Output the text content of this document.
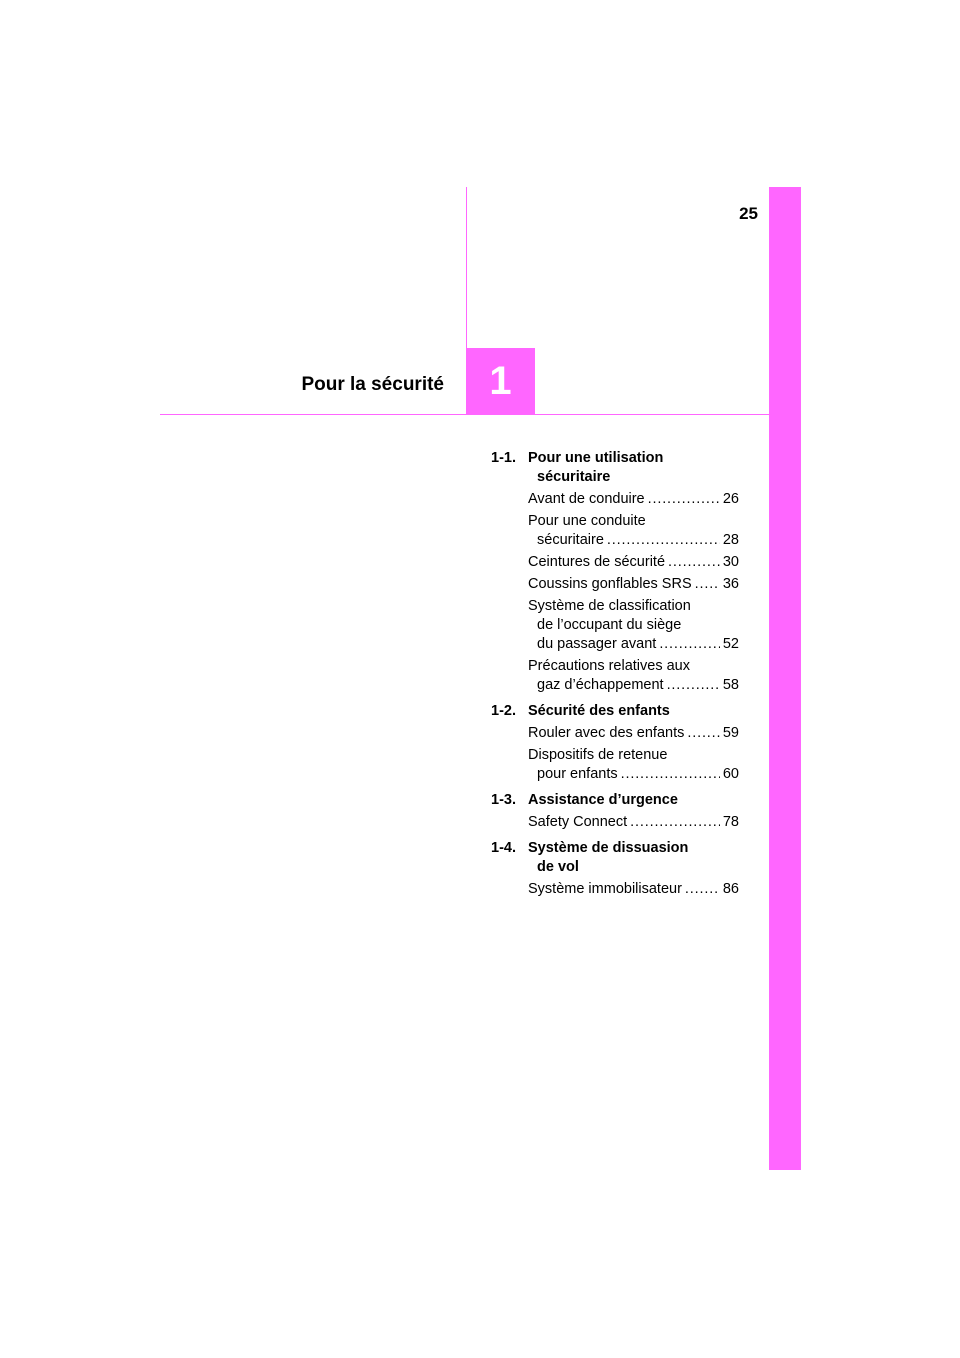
25
1
Pour la sécurité
1-1. Pour une utilisation
sécuritaire
Avant de conduire . . .	26
Pour une conduite
sécuritaire . . .	28
Ceintures de sécurité . . .	30
Coussins gonflables SRS . . . 36
Système de classification
de l’occupant du siège
du passager avant . . .	52
Précautions relatives aux
gaz d’échappement . . .	58
1-2. Sécurité des enfants
Rouler avec des enfants . . .	59
Dispositifs de retenue
pour enfants . . .	60
1-3. Assistance d’urgence
Safety Connect . . .	78
1-4. Système de dissuasion
de vol
Système immobilisateur . . .	86
